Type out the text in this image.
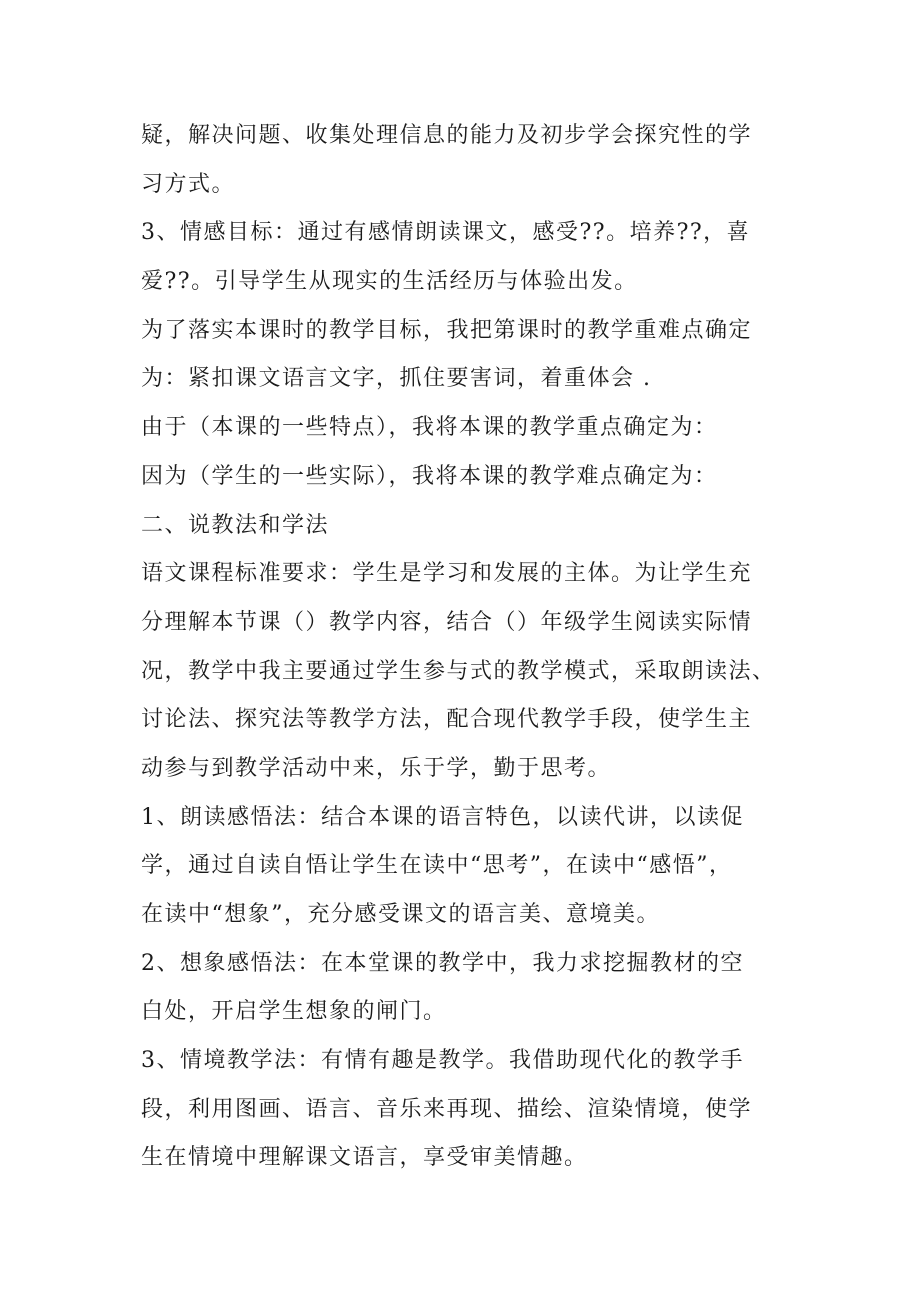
疑，解决问题、收集处理信息的能力及初步学会探究性的学
习方式。
3、情感目标：通过有感情朗读课文，感受??。培养??，喜
爱??。引导学生从现实的生活经历与体验出发。
为了落实本课时的教学目标，我把第课时的教学重难点确定
为：紧扣课文语言文字，抓住要害词，着重体会 .
由于（本课的一些特点），我将本课的教学重点确定为：
因为（学生的一些实际），我将本课的教学难点确定为：
二、说教法和学法
语文课程标准要求：学生是学习和发展的主体。为让学生充
分理解本节课（）教学内容，结合（）年级学生阅读实际情
况，教学中我主要通过学生参与式的教学模式，采取朗读法、
讨论法、探究法等教学方法，配合现代教学手段，使学生主
动参与到教学活动中来，乐于学，勤于思考。
1、朗读感悟法：结合本课的语言特色，以读代讲，以读促
学，通过自读自悟让学生在读中“思考”，在读中“感悟”，
在读中“想象”，充分感受课文的语言美、意境美。
2、想象感悟法：在本堂课的教学中，我力求挖掘教材的空
白处，开启学生想象的闸门。
3、情境教学法：有情有趣是教学。我借助现代化的教学手
段，利用图画、语言、音乐来再现、描绘、渲染情境，使学
生在情境中理解课文语言，享受审美情趣。
